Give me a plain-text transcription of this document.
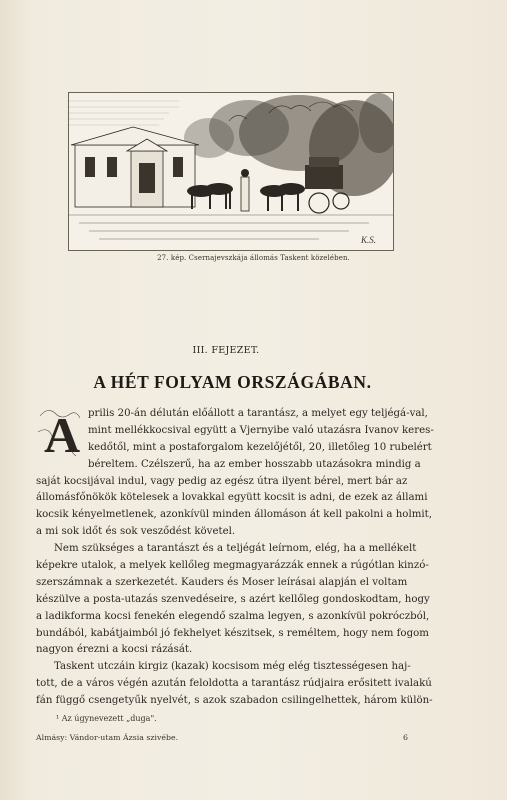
K.S.
27. kép. Csernajevszkája állomás Taskent közelében.
III. FEJEZET.
A HÉT FOLYAM ORSZÁGÁBAN.
A prilis 20-án délután előállott a tarantász, a melyet egy teljégá-val,
mint mellékkocsival együtt a Vjernyibe való utazásra Ivanov keres-
kedőtől, mint a postaforgalom kezelőjétől, 20, illetőleg 10 rubelért
béreltem. Czélszerű, ha az ember hosszabb utazásokra mindig a
saját kocsijával indul, vagy pedig az egész útra ilyent bérel, mert bár az
állomásfőnökök kötelesek a lovakkal együtt kocsit is adni, de ezek az állami
kocsik kényelmetlenek, azonkívül minden állomáson át kell pakolni a holmit,
a mi sok időt és sok vesződést követel.
Nem szükséges a tarantászt és a teljégát leírnom, elég, ha a mellékelt
képekre utalok, a melyek kellőleg megmagyarázzák ennek a rúgótlan kinzó-
szerszámnak a szerkezetét. Kauders és Moser leírásai alapján el voltam
készülve a posta-utazás szenvedéseire, s azért kellőleg gondoskodtam, hogy
a ladikforma kocsi fenekén elegendő szalma legyen, s azonkívül pokróczból,
bundából, kabátjaimból jó fekhelyet készitsek, s reméltem, hogy nem fogom
nagyon érezni a kocsi rázását.
Taskent utczáin kirgiz (kazak) kocsisom még elég tisztességesen haj-
tott, de a város végén azután feloldotta a tarantász rúdjaira erősitett ivalakú
fán függő csengetyűk nyelvét, s azok szabadon csilingelhettek, három külön-
¹ Az úgynevezett „duga".
Almásy: Vándor-utam Ázsia szivébe.	6
